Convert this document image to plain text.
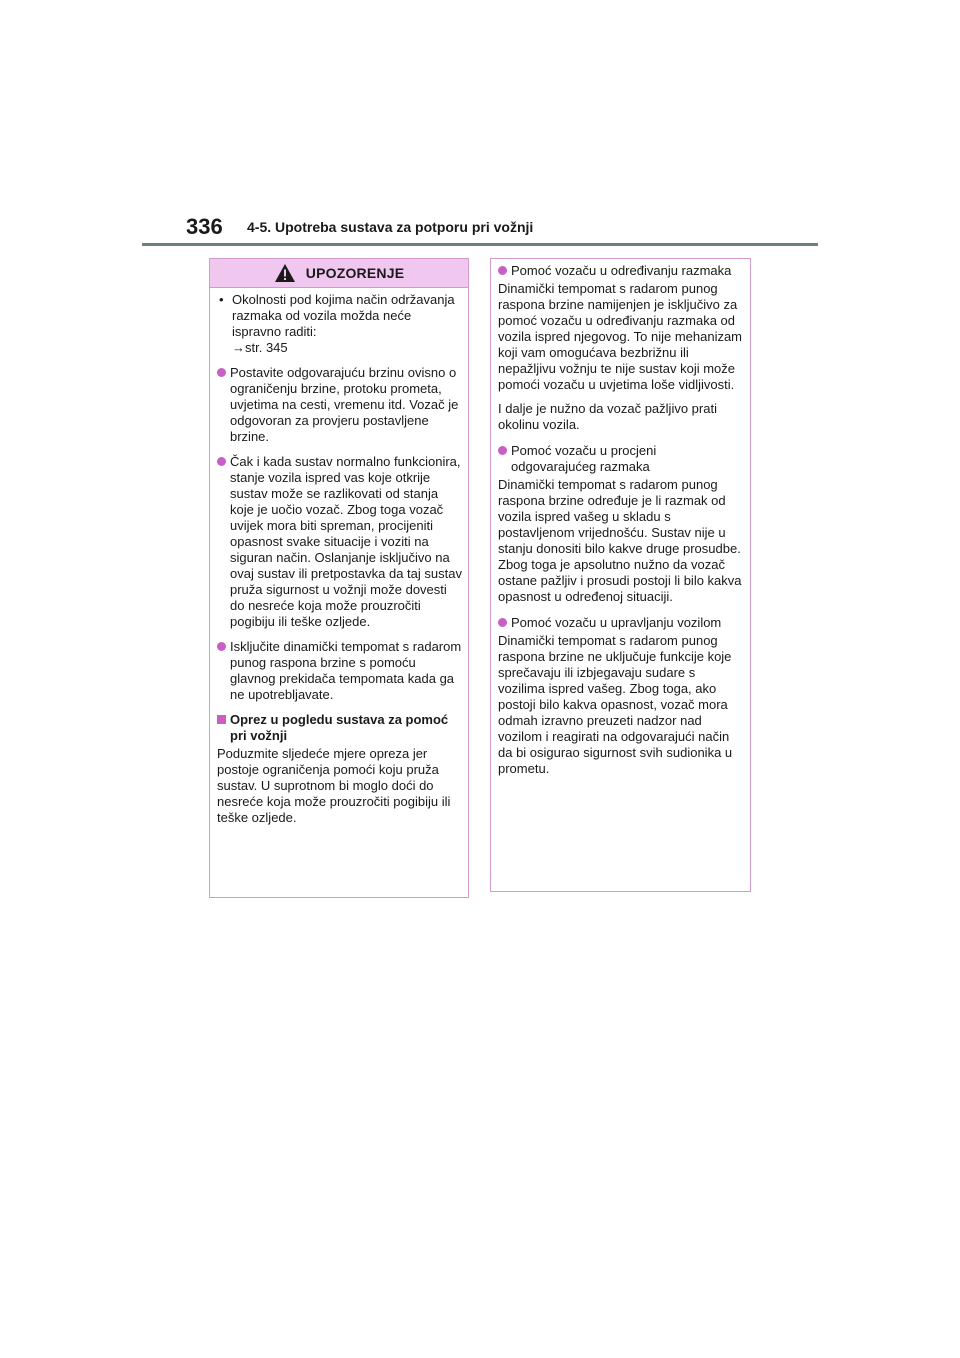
336 4-5. Upotreba sustava za potporu pri vožnji
UPOZORENJE
• Okolnosti pod kojima način održavanja razmaka od vozila možda neće ispravno raditi:
→str. 345
Postavite odgovarajuću brzinu ovisno o ograničenju brzine, protoku prometa, uvjetima na cesti, vremenu itd. Vozač je odgovoran za provjeru postavljene brzine.
Čak i kada sustav normalno funkcionira, stanje vozila ispred vas koje otkrije sustav može se razlikovati od stanja koje je uočio vozač. Zbog toga vozač uvijek mora biti spreman, procijeniti opasnost svake situacije i voziti na siguran način. Oslanjanje isključivo na ovaj sustav ili pretpostavka da taj sustav pruža sigurnost u vožnji može dovesti do nesreće koja može prouzročiti pogibiju ili teške ozljede.
Isključite dinamički tempomat s radarom punog raspona brzine s pomoću glavnog prekidača tempomata kada ga ne upotrebljavate.
Oprez u pogledu sustava za pomoć pri vožnji
Poduzmite sljedeće mjere opreza jer postoje ograničenja pomoći koju pruža sustav. U suprotnom bi moglo doći do nesreće koja može prouzročiti pogibiju ili teške ozljede.
Pomoć vozaču u određivanju razmaka
Dinamički tempomat s radarom punog raspona brzine namijenjen je isključivo za pomoć vozaču u određivanju razmaka od vozila ispred njegovog. To nije mehanizam koji vam omogućava bezbrižnu ili nepažljivu vožnju te nije sustav koji može pomoći vozaču u uvjetima loše vidljivosti.
I dalje je nužno da vozač pažljivo prati okolinu vozila.
Pomoć vozaču u procjeni odgovarajućeg razmaka
Dinamički tempomat s radarom punog raspona brzine određuje je li razmak od vozila ispred vašeg u skladu s postavljenom vrijednošću. Sustav nije u stanju donositi bilo kakve druge prosudbe. Zbog toga je apsolutno nužno da vozač ostane pažljiv i prosudi postoji li bilo kakva opasnost u određenoj situaciji.
Pomoć vozaču u upravljanju vozilom
Dinamički tempomat s radarom punog raspona brzine ne uključuje funkcije koje sprečavaju ili izbjegavaju sudare s vozilima ispred vašeg. Zbog toga, ako postoji bilo kakva opasnost, vozač mora odmah izravno preuzeti nadzor nad vozilom i reagirati na odgovarajući način da bi osigurao sigurnost svih sudionika u prometu.
